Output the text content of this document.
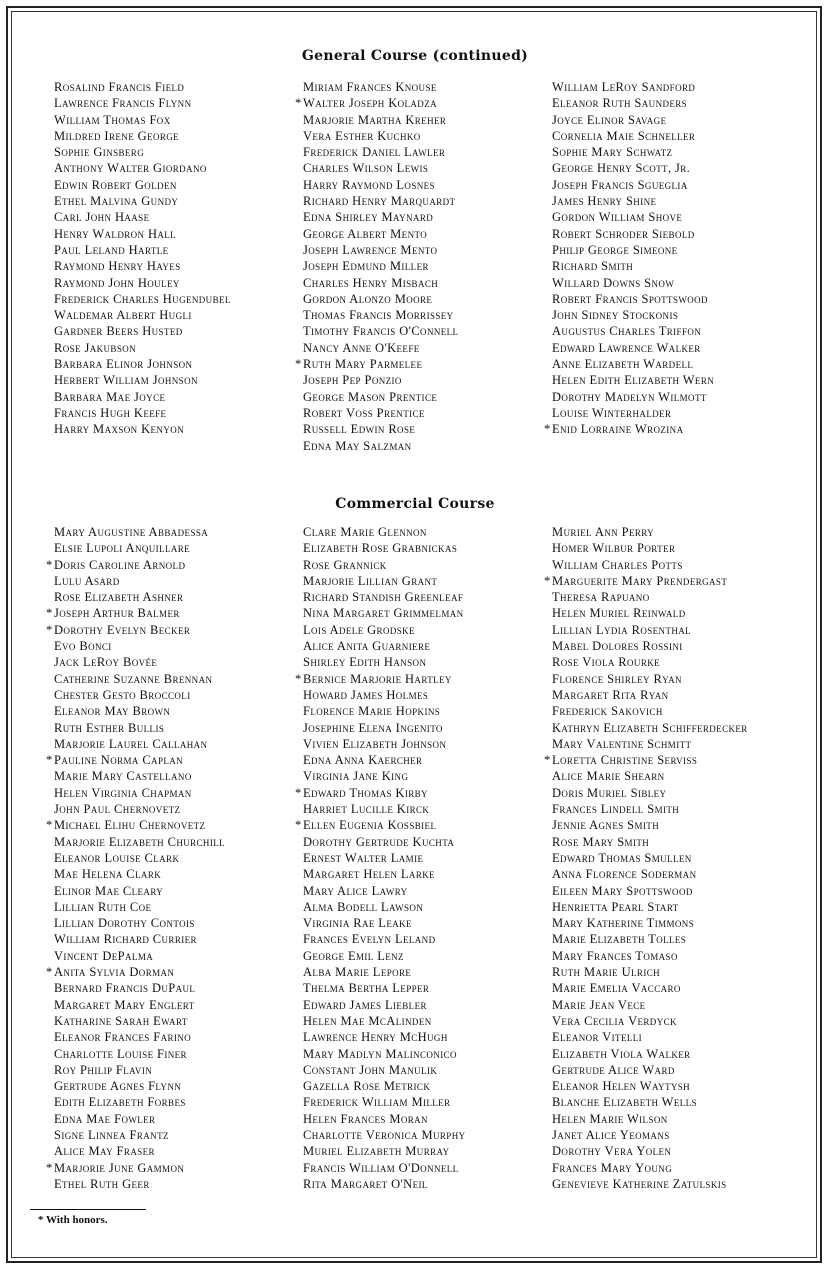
General Course (continued)
Rosalind Francis Field
Lawrence Francis Flynn
William Thomas Fox
Mildred Irene George
Sophie Ginsberg
Anthony Walter Giordano
Edwin Robert Golden
Ethel Malvina Gundy
Carl John Haase
Henry Waldron Hall
Paul Leland Hartle
Raymond Henry Hayes
Raymond John Houley
Frederick Charles Hugendubel
Waldemar Albert Hugli
Gardner Beers Husted
Rose Jakubson
Barbara Elinor Johnson
Herbert William Johnson
Barbara Mae Joyce
Francis Hugh Keefe
Harry Maxson Kenyon
Miriam Frances Knouse
* Walter Joseph Koladza
Marjorie Martha Kreher
Vera Esther Kuchko
Frederick Daniel Lawler
Charles Wilson Lewis
Harry Raymond Losnes
Richard Henry Marquardt
Edna Shirley Maynard
George Albert Mento
Joseph Lawrence Mento
Joseph Edmund Miller
Charles Henry Misbach
Gordon Alonzo Moore
Thomas Francis Morrissey
Timothy Francis O'Connell
Nancy Anne O'Keefe
* Ruth Mary Parmelee
Joseph Pep Ponzio
George Mason Prentice
Robert Voss Prentice
Russell Edwin Rose
Edna May Salzman
William LeRoy Sandford
Eleanor Ruth Saunders
Joyce Elinor Savage
Cornelia Maie Schneller
Sophie Mary Schwatz
George Henry Scott, Jr.
Joseph Francis Sgueglia
James Henry Shine
Gordon William Shove
Robert Schroder Siebold
Philip George Simeone
Richard Smith
Willard Downs Snow
Robert Francis Spottswood
John Sidney Stockonis
Augustus Charles Triffon
Edward Lawrence Walker
Anne Elizabeth Wardell
Helen Edith Elizabeth Wern
Dorothy Madelyn Wilmott
Louise Winterhalder
* Enid Lorraine Wrozina
Commercial Course
Mary Augustine Abbadessa
Elsie Lupoli Anquillare
* Doris Caroline Arnold
Lulu Asard
Rose Elizabeth Ashner
* Joseph Arthur Balmer
* Dorothy Evelyn Becker
Evo Bonci
Jack LeRoy Bovée
Catherine Suzanne Brennan
Chester Gesto Broccoli
Eleanor May Brown
Ruth Esther Bullis
Marjorie Laurel Callahan
* Pauline Norma Caplan
Marie Mary Castellano
Helen Virginia Chapman
John Paul Chernovetz
* Michael Elihu Chernovetz
Marjorie Elizabeth Churchill
Eleanor Louise Clark
Mae Helena Clark
Elinor Mae Cleary
Lillian Ruth Coe
Lillian Dorothy Contois
William Richard Currier
Vincent DePalma
* Anita Sylvia Dorman
Bernard Francis DuPaul
Margaret Mary Englert
Katharine Sarah Ewart
Eleanor Frances Farino
Charlotte Louise Finer
Roy Philip Flavin
Gertrude Agnes Flynn
Edith Elizabeth Forbes
Edna Mae Fowler
Signe Linnea Frantz
Alice May Fraser
* Marjorie June Gammon
Ethel Ruth Geer
Clare Marie Glennon
Elizabeth Rose Grabnickas
Rose Grannick
Marjorie Lillian Grant
Richard Standish Greenleaf
Nina Margaret Grimmelman
Lois Adele Grodske
Alice Anita Guarniere
Shirley Edith Hanson
* Bernice Marjorie Hartley
Howard James Holmes
Florence Marie Hopkins
Josephine Elena Ingenito
Vivien Elizabeth Johnson
Edna Anna Kaercher
Virginia Jane King
* Edward Thomas Kirby
Harriet Lucille Kirck
* Ellen Eugenia Kossbiel
Dorothy Gertrude Kuchta
Ernest Walter Lamie
Margaret Helen Larke
Mary Alice Lawry
Alma Bodell Lawson
Virginia Rae Leake
Frances Evelyn Leland
George Emil Lenz
Alba Marie Lepore
Thelma Bertha Lepper
Edward James Liebler
Helen Mae McAlinden
Lawrence Henry McHugh
Mary Madlyn Malinconico
Constant John Manulik
Gazella Rose Metrick
Frederick William Miller
Helen Frances Moran
Charlotte Veronica Murphy
Muriel Elizabeth Murray
Francis William O'Donnell
Rita Margaret O'Neil
Muriel Ann Perry
Homer Wilbur Porter
William Charles Potts
* Marguerite Mary Prendergast
Theresa Rapuano
Helen Muriel Reinwald
Lillian Lydia Rosenthal
Mabel Dolores Rossini
Rose Viola Rourke
Florence Shirley Ryan
Margaret Rita Ryan
Frederick Sakovich
Kathryn Elizabeth Schifferdecker
Mary Valentine Schmitt
* Loretta Christine Serviss
Alice Marie Shearn
Doris Muriel Sibley
Frances Lindell Smith
Jennie Agnes Smith
Rose Mary Smith
Edward Thomas Smullen
Anna Florence Soderman
Eileen Mary Spottswood
Henrietta Pearl Start
Mary Katherine Timmons
Marie Elizabeth Tolles
Mary Frances Tomaso
Ruth Marie Ulrich
Marie Emelia Vaccaro
Marie Jean Vece
Vera Cecilia Verdyck
Eleanor Vitelli
Elizabeth Viola Walker
Gertrude Alice Ward
Eleanor Helen Waytysh
Blanche Elizabeth Wells
Helen Marie Wilson
Janet Alice Yeomans
Dorothy Vera Yolen
Frances Mary Young
Genevieve Katherine Zatulskis
* With honors.
